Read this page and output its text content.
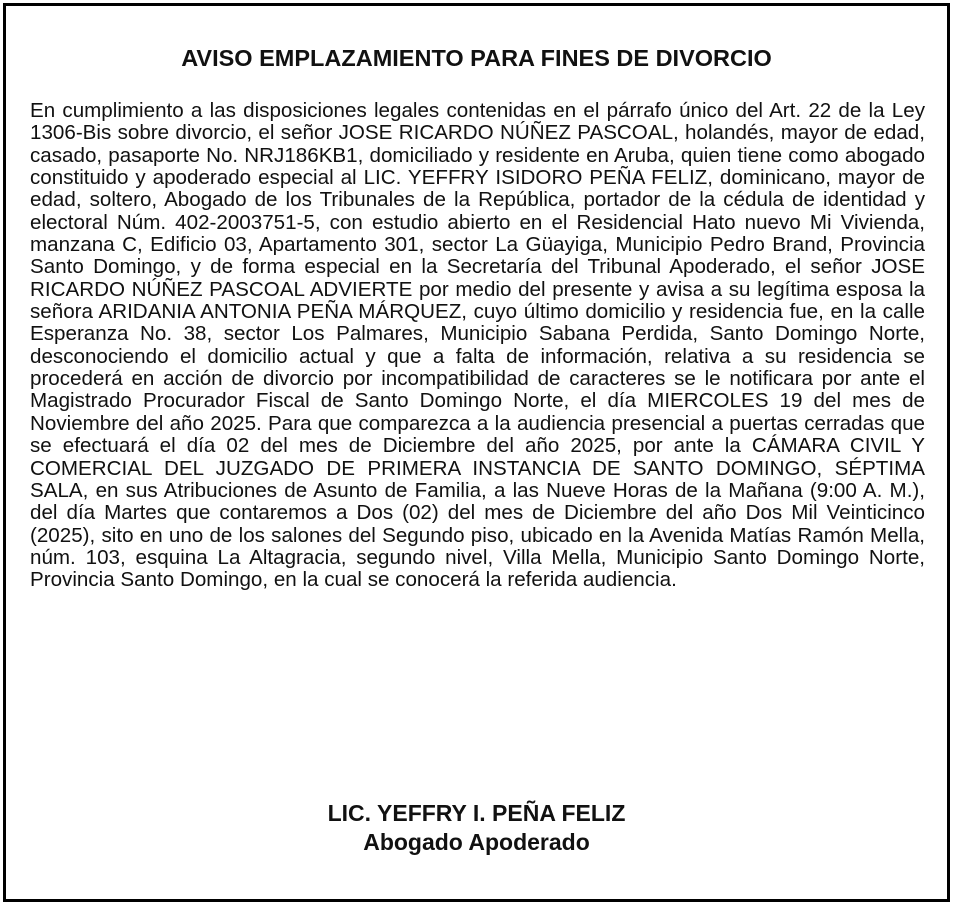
AVISO EMPLAZAMIENTO PARA FINES DE DIVORCIO

En cumplimiento a las disposiciones legales contenidas en el párrafo único del Art. 22 de la Ley 1306-Bis sobre divorcio, el señor JOSE RICARDO NÚÑEZ PASCOAL, holandés, mayor de edad, casado, pasaporte No. NRJ186KB1, domiciliado y residente en Aruba, quien tiene como abogado constituido y apoderado especial al LIC. YEFFRY ISIDORO PEÑA FELIZ, dominicano, mayor de edad, soltero, Abogado de los Tribunales de la República, portador de la cédula de identidad y electoral Núm. 402-2003751-5, con estudio abierto en el Residencial Hato nuevo Mi Vivienda, manzana C, Edificio 03, Apartamento 301, sector La Güayiga, Municipio Pedro Brand, Provincia Santo Domingo, y de forma especial en la Secretaría del Tribunal Apoderado, el señor JOSE RICARDO NÚÑEZ PASCOAL ADVIERTE por medio del presente y avisa a su legítima esposa la señora ARIDANIA ANTONIA PEÑA MÁRQUEZ, cuyo último domicilio y residencia fue, en la calle Esperanza No. 38, sector Los Palmares, Municipio Sabana Perdida, Santo Domingo Norte, desconociendo el domicilio actual y que a falta de información, relativa a su residencia se procederá en acción de divorcio por incompatibilidad de caracteres se le notificara por ante el Magistrado Procurador Fiscal de Santo Domingo Norte, el día MIERCOLES 19 del mes de Noviembre del año 2025. Para que comparezca a la audiencia presencial a puertas cerradas que se efectuará el día 02 del mes de Diciembre del año 2025, por ante la CÁMARA CIVIL Y COMERCIAL DEL JUZGADO DE PRIMERA INSTANCIA DE SANTO DOMINGO, SÉPTIMA SALA, en sus Atribuciones de Asunto de Familia, a las Nueve Horas de la Mañana (9:00 A. M.), del día Martes que contaremos a Dos (02) del mes de Diciembre del año Dos Mil Veinticinco (2025), sito en uno de los salones del Segundo piso, ubicado en la Avenida Matías Ramón Mella, núm. 103, esquina La Altagracia, segundo nivel, Villa Mella, Municipio Santo Domingo Norte, Provincia Santo Domingo, en la cual se conocerá la referida audiencia.

LIC. YEFFRY I. PEÑA FELIZ
Abogado Apoderado
